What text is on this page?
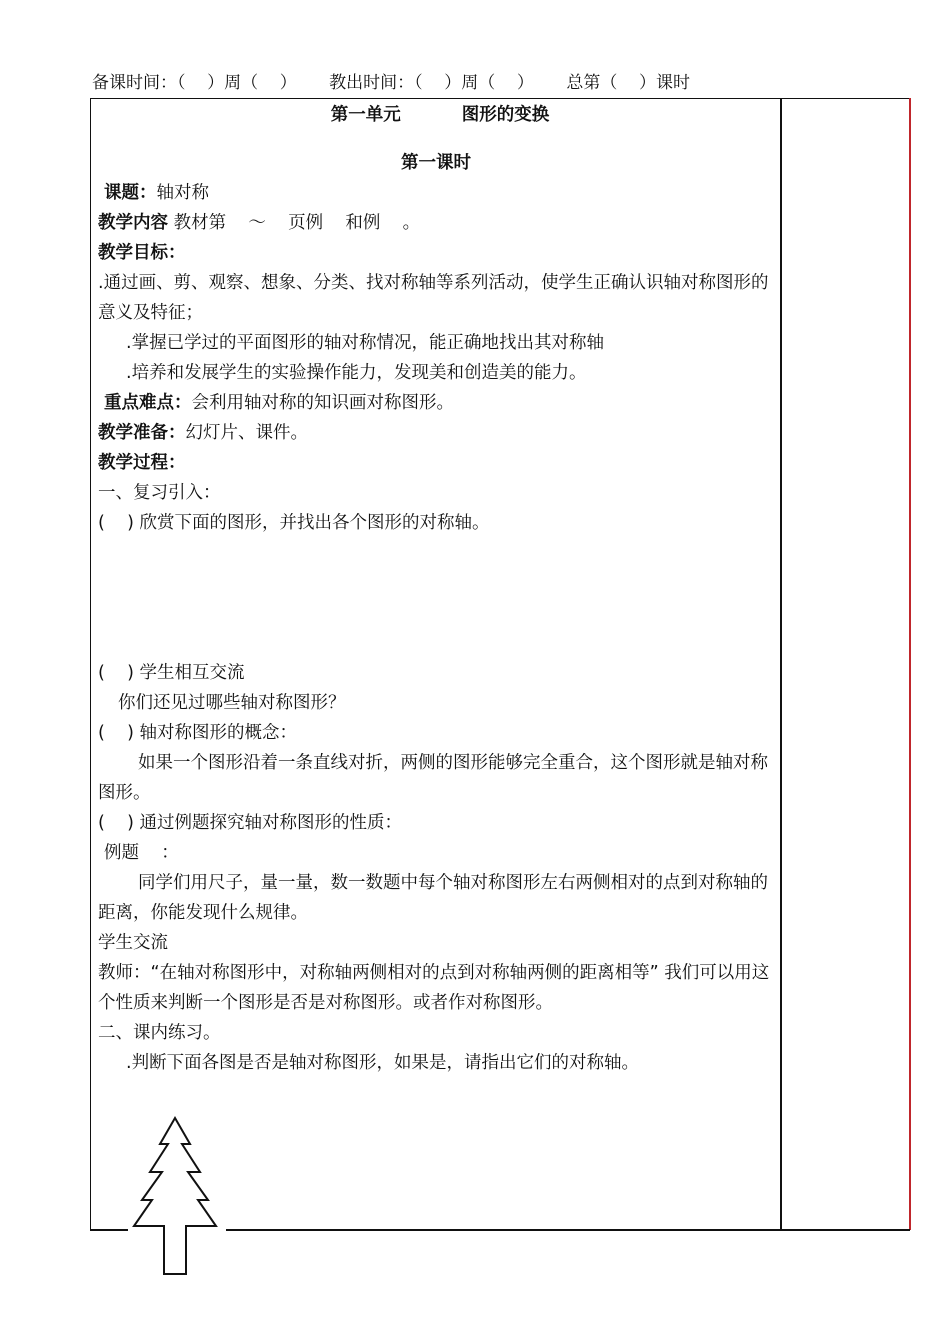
备课时间：（    ）周（    ） 教出时间：（    ）周（    ） 总第（    ）课时
第一单元	图形的变换
第一课时
课题：轴对称
教学内容 教材第    ～    页例    和例    。
教学目标：
.通过画、剪、观察、想象、分类、找对称轴等系列活动，使学生正确认识轴对称图形的意义及特征；
.掌握已学过的平面图形的轴对称情况，能正确地找出其对称轴
.培养和发展学生的实验操作能力，发现美和创造美的能力。
重点难点：会利用轴对称的知识画对称图形。
教学准备：幻灯片、课件。
教学过程：
一、复习引入：
(    ) 欣赏下面的图形，并找出各个图形的对称轴。
(    ) 学生相互交流
你们还见过哪些轴对称图形？
(    ) 轴对称图形的概念：
如果一个图形沿着一条直线对折，两侧的图形能够完全重合，这个图形就是轴对称图形。
(    ) 通过例题探究轴对称图形的性质：
例题    ：
同学们用尺子，量一量，数一数题中每个轴对称图形左右两侧相对的点到对称轴的距离，你能发现什么规律。
学生交流
教师：“在轴对称图形中，对称轴两侧相对的点到对称轴两侧的距离相等” 我们可以用这个性质来判断一个图形是否是对称图形。或者作对称图形。
二、课内练习。
.判断下面各图是否是轴对称图形，如果是，请指出它们的对称轴。
